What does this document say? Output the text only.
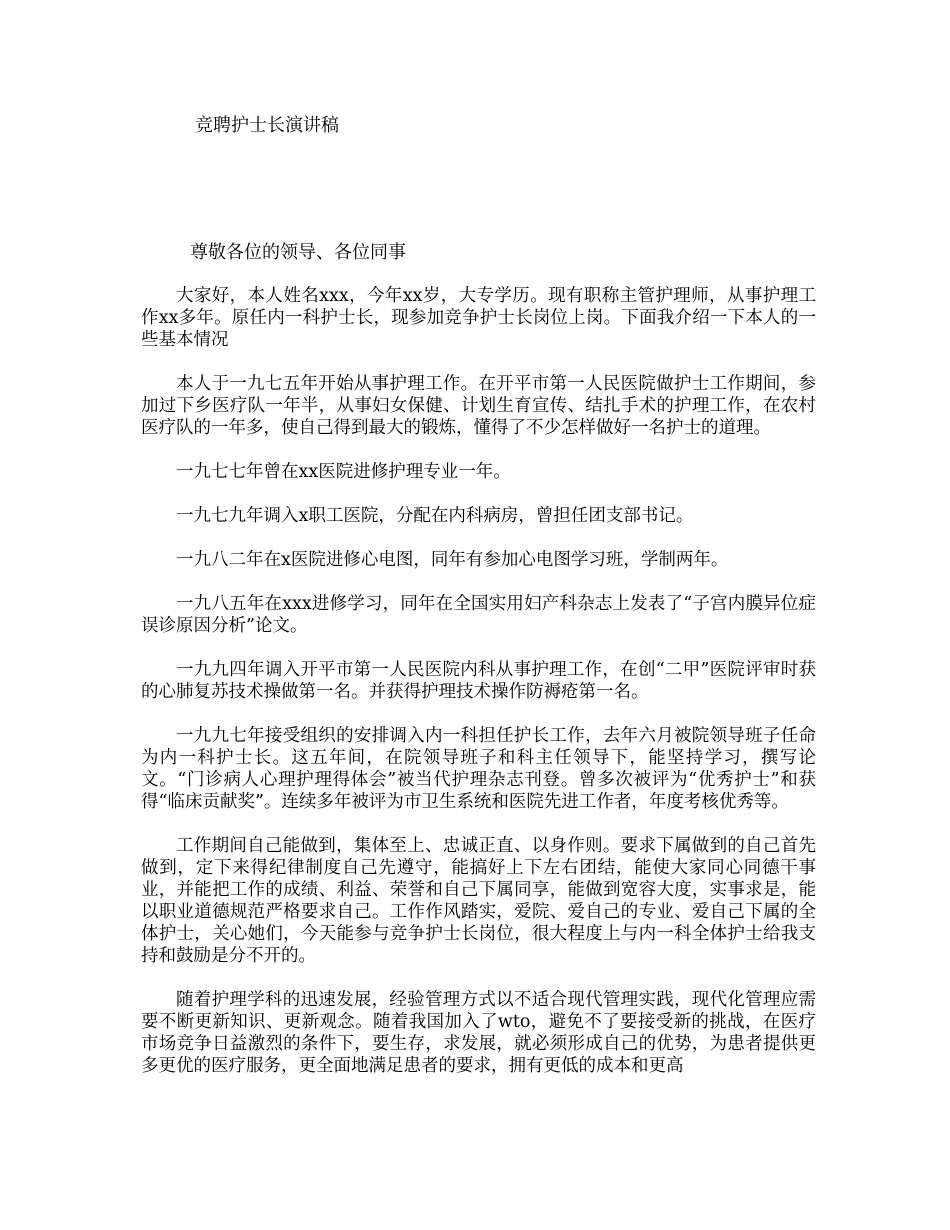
竞聘护士长演讲稿

尊敬各位的领导、各位同事

大家好，本人姓名xxx，今年xx岁，大专学历。现有职称主管护理师，从事护理工作xx多年。原任内一科护士长，现参加竞争护士长岗位上岗。下面我介绍一下本人的一些基本情况

本人于一九七五年开始从事护理工作。在开平市第一人民医院做护士工作期间，参加过下乡医疗队一年半，从事妇女保健、计划生育宣传、结扎手术的护理工作，在农村医疗队的一年多，使自己得到最大的锻炼，懂得了不少怎样做好一名护士的道理。

一九七七年曾在xx医院进修护理专业一年。

一九七九年调入x职工医院，分配在内科病房，曾担任团支部书记。

一九八二年在x医院进修心电图，同年有参加心电图学习班，学制两年。

一九八五年在xxx进修学习，同年在全国实用妇产科杂志上发表了“子宫内膜异位症误诊原因分析”论文。

一九九四年调入开平市第一人民医院内科从事护理工作，在创“二甲”医院评审时获的心肺复苏技术操做第一名。并获得护理技术操作防褥疮第一名。

一九九七年接受组织的安排调入内一科担任护长工作，去年六月被院领导班子任命为内一科护士长。这五年间，在院领导班子和科主任领导下，能坚持学习，撰写论文。“门诊病人心理护理得体会”被当代护理杂志刊登。曾多次被评为“优秀护士”和获得“临床贡献奖”。连续多年被评为市卫生系统和医院先进工作者，年度考核优秀等。

工作期间自己能做到，集体至上、忠诚正直、以身作则。要求下属做到的自己首先做到，定下来得纪律制度自己先遵守，能搞好上下左右团结，能使大家同心同德干事业，并能把工作的成绩、利益、荣誉和自己下属同享，能做到宽容大度，实事求是，能以职业道德规范严格要求自己。工作作风踏实，爱院、爱自己的专业、爱自己下属的全体护士，关心她们，今天能参与竞争护士长岗位，很大程度上与内一科全体护士给我支持和鼓励是分不开的。

随着护理学科的迅速发展，经验管理方式以不适合现代管理实践，现代化管理应需要不断更新知识、更新观念。随着我国加入了wto，避免不了要接受新的挑战，在医疗市场竞争日益激烈的条件下，要生存，求发展，就必须形成自己的优势，为患者提供更多更优的医疗服务，更全面地满足患者的要求，拥有更低的成本和更高
